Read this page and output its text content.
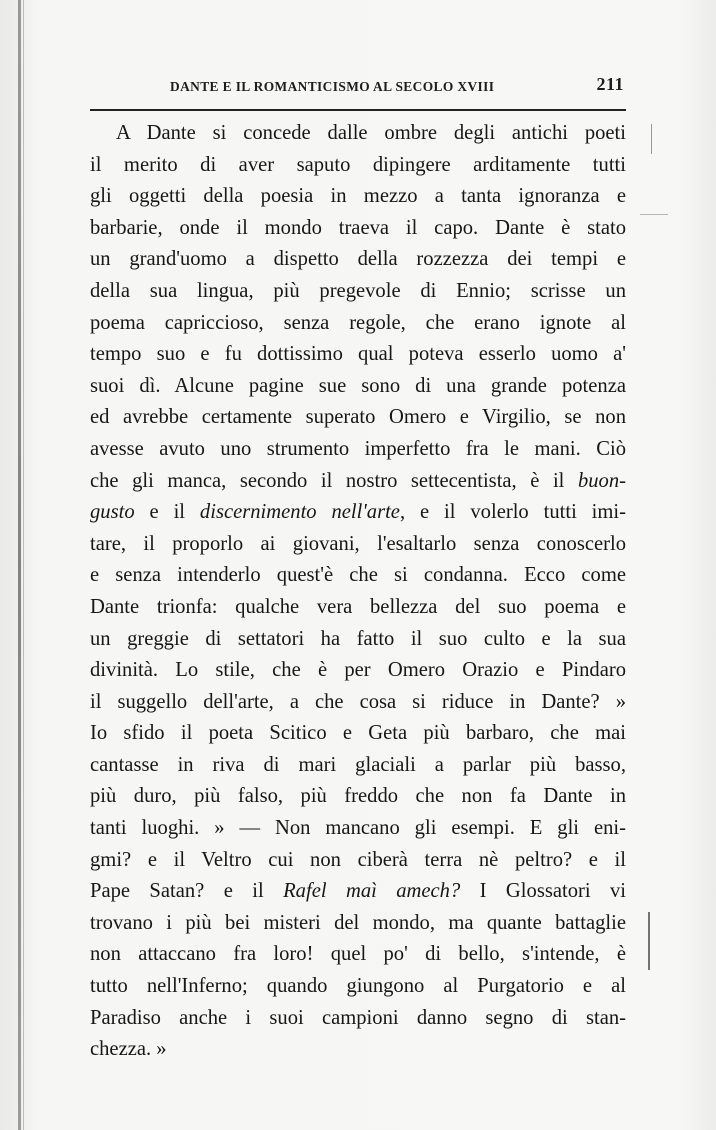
DANTE E IL ROMANTICISMO AL SECOLO XVIII	211
A Dante si concede dalle ombre degli antichi poeti
il merito di aver saputo dipingere arditamente tutti
gli oggetti della poesia in mezzo a tanta ignoranza e
barbarie, onde il mondo traeva il capo. Dante è stato
un grand'uomo a dispetto della rozzezza dei tempi e
della sua lingua, più pregevole di Ennio; scrisse un
poema capriccioso, senza regole, che erano ignote al
tempo suo e fu dottissimo qual poteva esserlo uomo a'
suoi dì. Alcune pagine sue sono di una grande potenza
ed avrebbe certamente superato Omero e Virgilio, se non
avesse avuto uno strumento imperfetto fra le mani. Ciò
che gli manca, secondo il nostro settecentista, è il buon-
gusto e il discernimento nell'arte, e il volerlo tutti imi-
tare, il proporlo ai giovani, l'esaltarlo senza conoscerlo
e senza intenderlo quest'è che si condanna. Ecco come
Dante trionfa: qualche vera bellezza del suo poema e
un greggie di settatori ha fatto il suo culto e la sua
divinità. Lo stile, che è per Omero Orazio e Pindaro
il suggello dell'arte, a che cosa si riduce in Dante? »
Io sfido il poeta Scitico e Geta più barbaro, che mai
cantasse in riva di mari glaciali a parlar più basso,
più duro, più falso, più freddo che non fa Dante in
tanti luoghi. » — Non mancano gli esempi. E gli eni-
gmi? e il Veltro cui non ciberà terra nè peltro? e il
Pape Satan? e il Rafel maì amech? I Glossatori vi
trovano i più bei misteri del mondo, ma quante battaglie
non attaccano fra loro! quel po' di bello, s'intende, è
tutto nell'Inferno; quando giungono al Purgatorio e al
Paradiso anche i suoi campioni danno segno di stan-
chezza. »
